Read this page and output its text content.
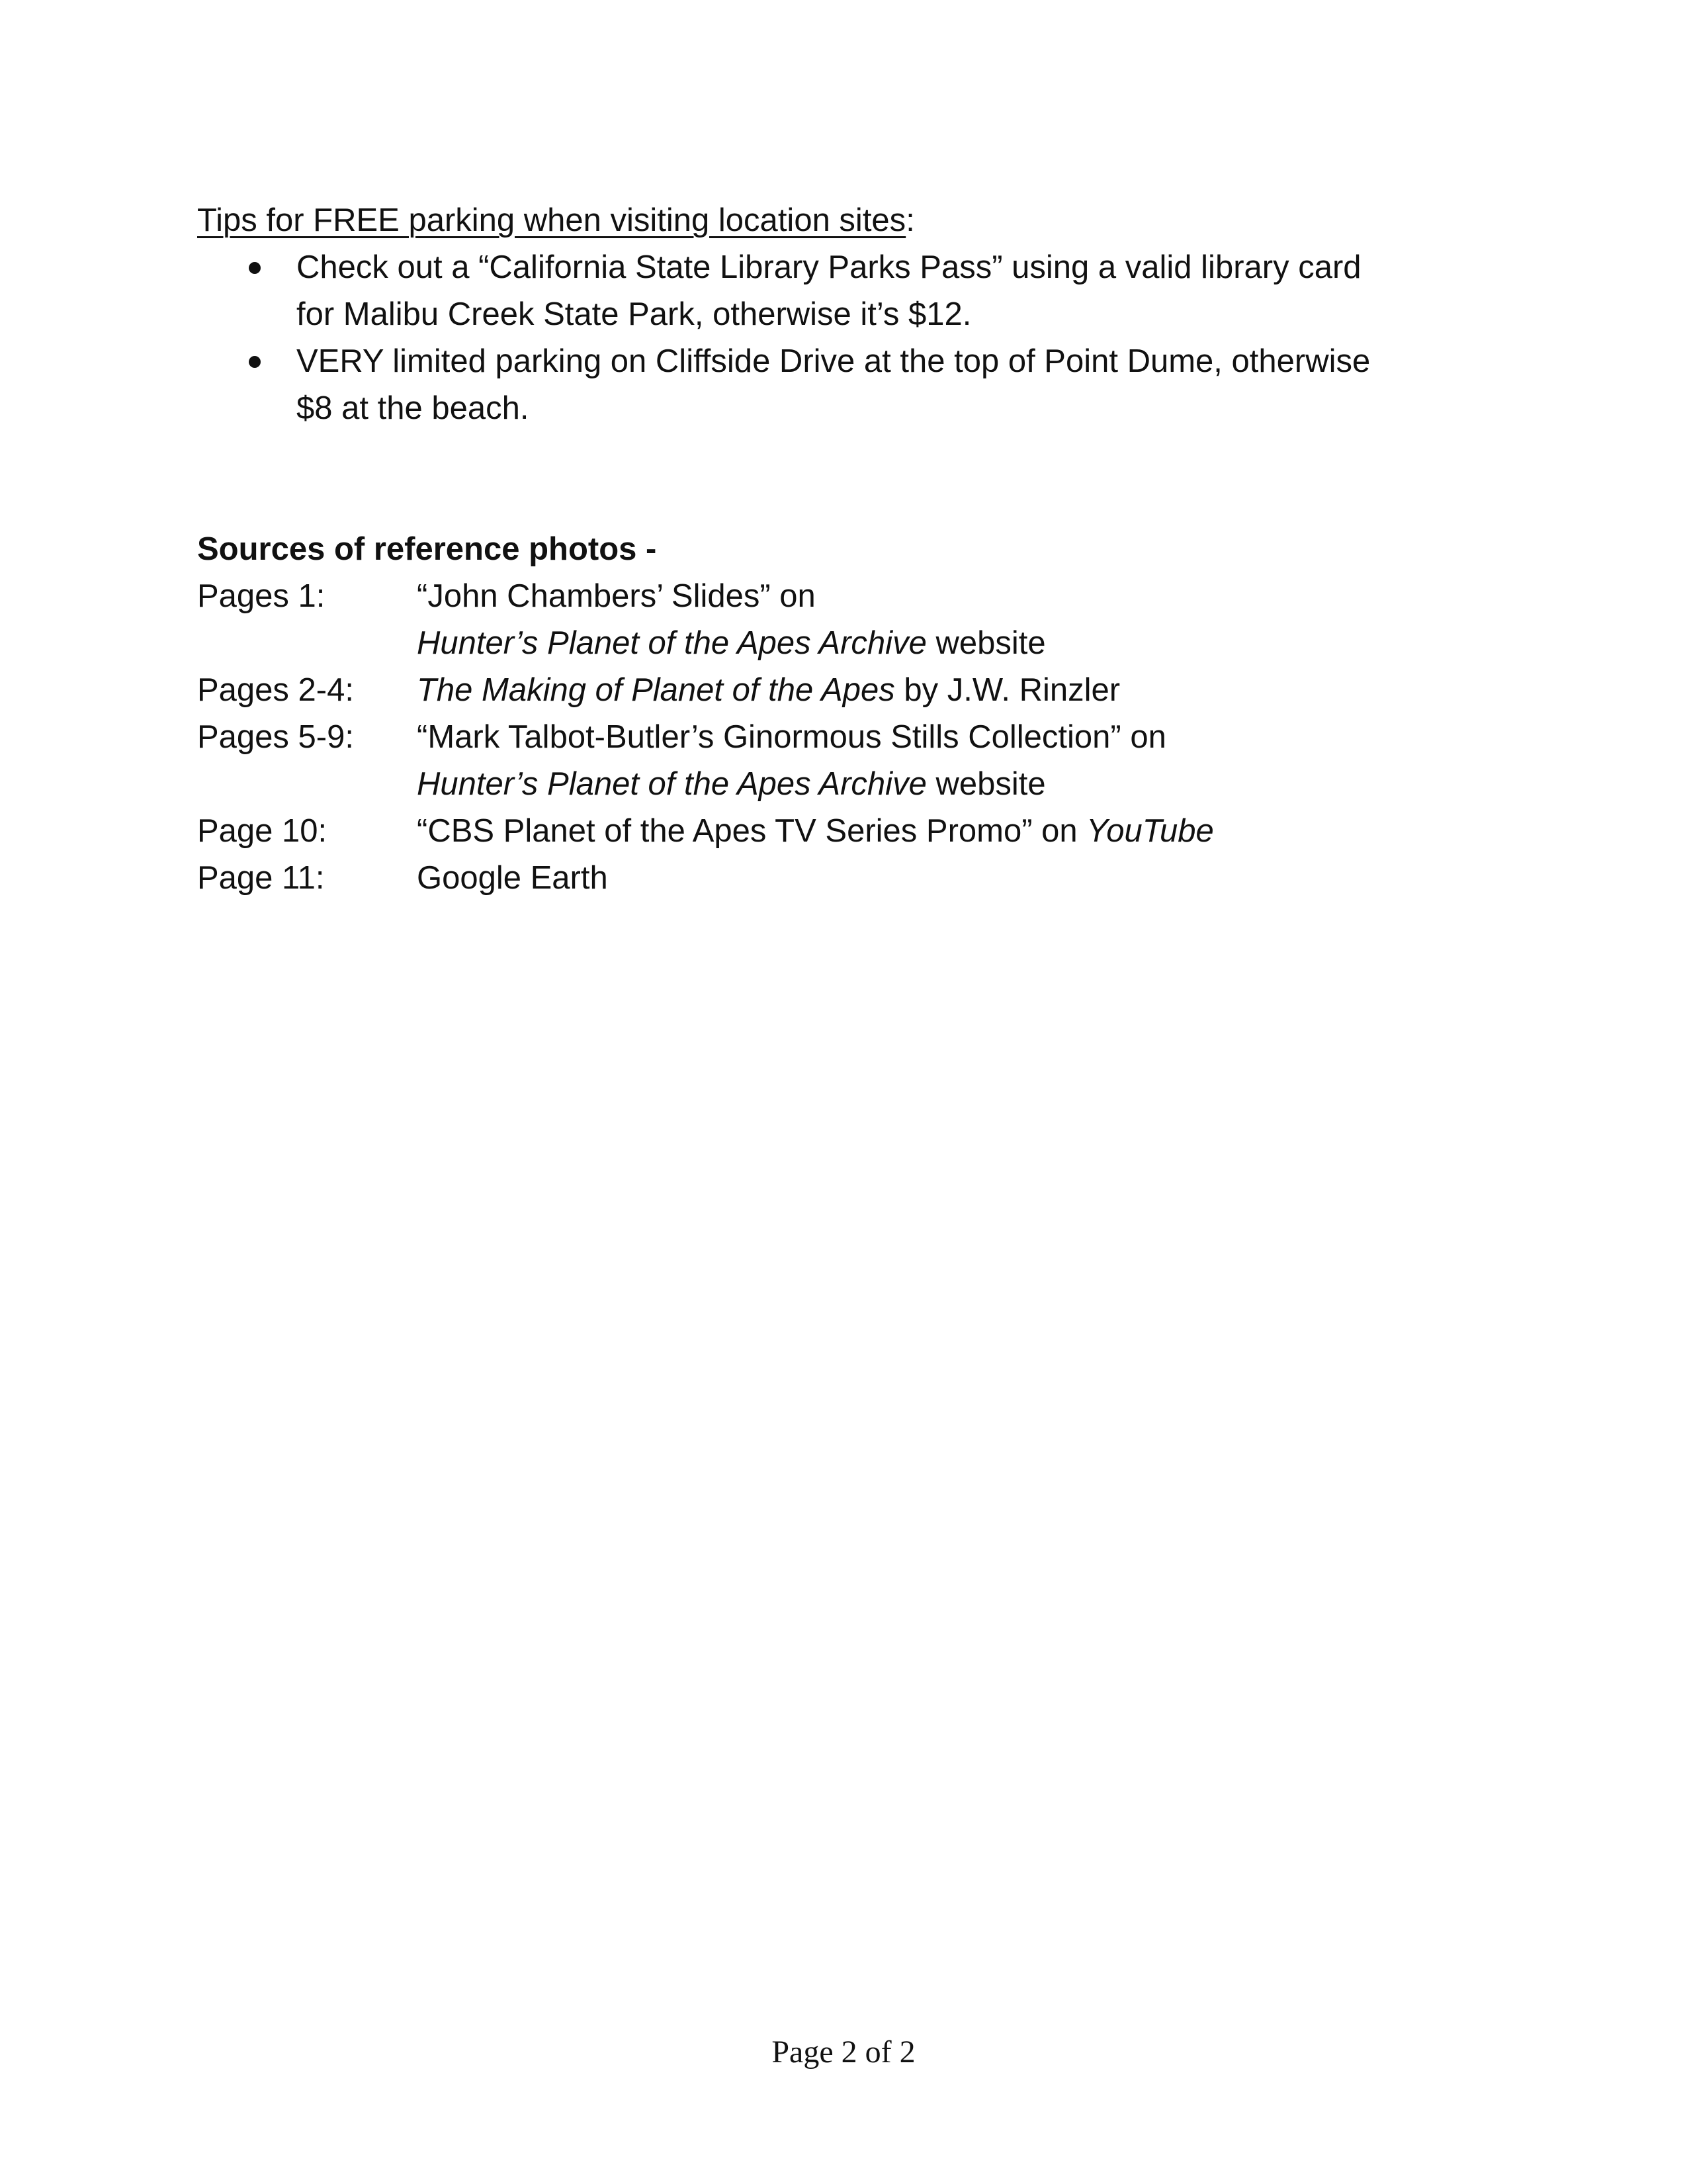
Tips for FREE parking when visiting location sites:

Check out a “California State Library Parks Pass” using a valid library card
for Malibu Creek State Park, otherwise it’s $12.
VERY limited parking on Cliffside Drive at the top of Point Dume, otherwise
$8 at the beach.

Sources of reference photos -

Pages 1:	“John Chambers’ Slides” on
Hunter’s Planet of the Apes Archive website
Pages 2-4:	The Making of Planet of the Apes by J.W. Rinzler
Pages 5-9:	“Mark Talbot-Butler’s Ginormous Stills Collection” on
Hunter’s Planet of the Apes Archive website
Page 10:	“CBS Planet of the Apes TV Series Promo” on YouTube
Page 11:	Google Earth
Page 2 of 2
